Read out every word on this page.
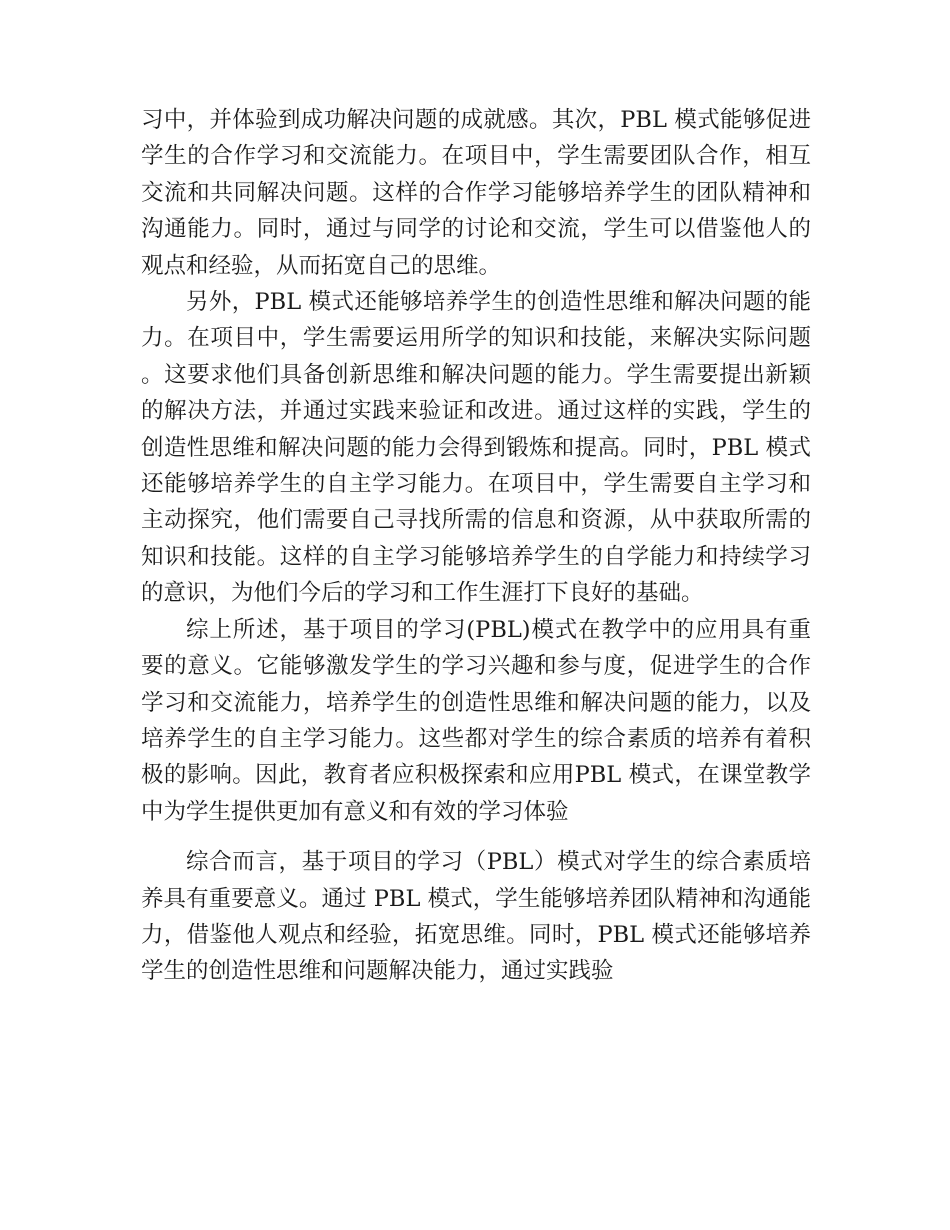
习中，并体验到成功解决问题的成就感。其次，PBL 模式能够促进学生的合作学习和交流能力。在项目中，学生需要团队合作，相互交流和共同解决问题。这样的合作学习能够培养学生的团队精神和沟通能力。同时，通过与同学的讨论和交流，学生可以借鉴他人的观点和经验，从而拓宽自己的思维。

另外，PBL 模式还能够培养学生的创造性思维和解决问题的能力。在项目中，学生需要运用所学的知识和技能，来解决实际问题。这要求他们具备创新思维和解决问题的能力。学生需要提出新颖的解决方法，并通过实践来验证和改进。通过这样的实践，学生的创造性思维和解决问题的能力会得到锻炼和提高。同时，PBL 模式还能够培养学生的自主学习能力。在项目中，学生需要自主学习和主动探究，他们需要自己寻找所需的信息和资源，从中获取所需的知识和技能。这样的自主学习能够培养学生的自学能力和持续学习的意识，为他们今后的学习和工作生涯打下良好的基础。

综上所述，基于项目的学习(PBL)模式在教学中的应用具有重要的意义。它能够激发学生的学习兴趣和参与度，促进学生的合作学习和交流能力，培养学生的创造性思维和解决问题的能力，以及培养学生的自主学习能力。这些都对学生的综合素质的培养有着积极的影响。因此，教育者应积极探索和应用PBL 模式，在课堂教学中为学生提供更加有意义和有效的学习体验

综合而言，基于项目的学习（PBL）模式对学生的综合素质培养具有重要意义。通过 PBL 模式，学生能够培养团队精神和沟通能力，借鉴他人观点和经验，拓宽思维。同时，PBL 模式还能够培养学生的创造性思维和问题解决能力，通过实践验
